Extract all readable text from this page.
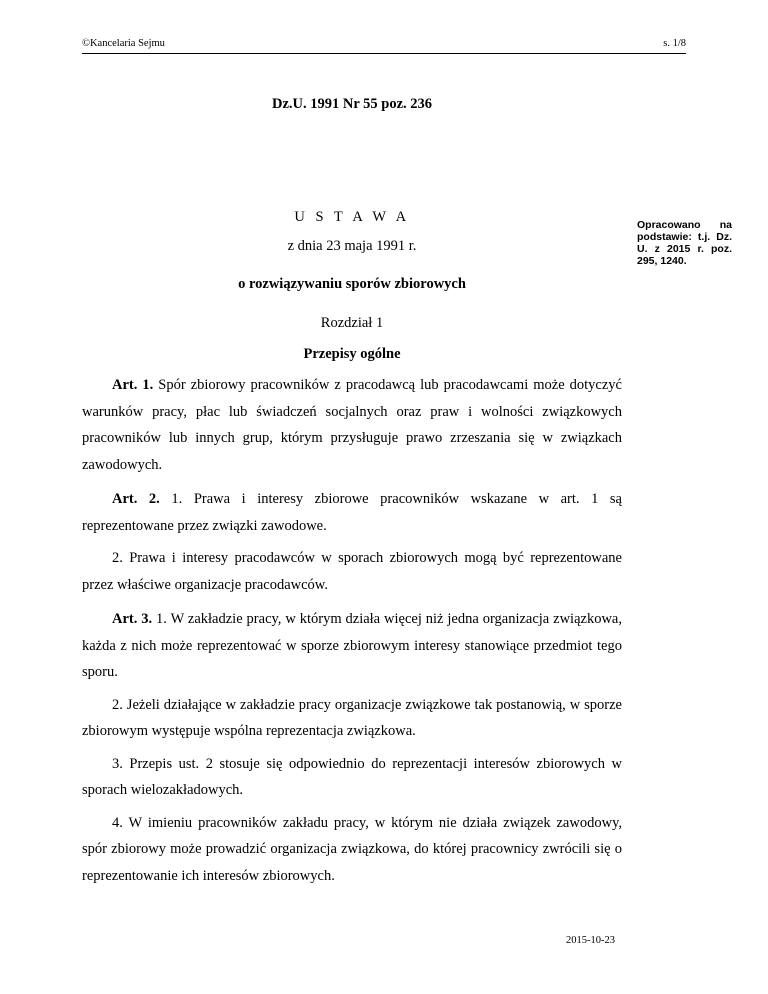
©Kancelaria Sejmu	s. 1/8
Dz.U. 1991 Nr 55 poz. 236
U S T A W A
z dnia 23 maja 1991 r.
o rozwiązywaniu sporów zbiorowych
Opracowano na podstawie: t.j. Dz. U. z 2015 r. poz. 295, 1240.
Rozdział 1
Przepisy ogólne

Art. 1. Spór zbiorowy pracowników z pracodawcą lub pracodawcami może dotyczyć warunków pracy, płac lub świadczeń socjalnych oraz praw i wolności związkowych pracowników lub innych grup, którym przysługuje prawo zrzeszania się w związkach zawodowych.

Art. 2. 1. Prawa i interesy zbiorowe pracowników wskazane w art. 1 są reprezentowane przez związki zawodowe.

2. Prawa i interesy pracodawców w sporach zbiorowych mogą być reprezentowane przez właściwe organizacje pracodawców.

Art. 3. 1. W zakładzie pracy, w którym działa więcej niż jedna organizacja związkowa, każda z nich może reprezentować w sporze zbiorowym interesy stanowiące przedmiot tego sporu.

2. Jeżeli działające w zakładzie pracy organizacje związkowe tak postanowią, w sporze zbiorowym występuje wspólna reprezentacja związkowa.

3. Przepis ust. 2 stosuje się odpowiednio do reprezentacji interesów zbiorowych w sporach wielozakładowych.

4. W imieniu pracowników zakładu pracy, w którym nie działa związek zawodowy, spór zbiorowy może prowadzić organizacja związkowa, do której pracownicy zwrócili się o reprezentowanie ich interesów zbiorowych.

2015-10-23
